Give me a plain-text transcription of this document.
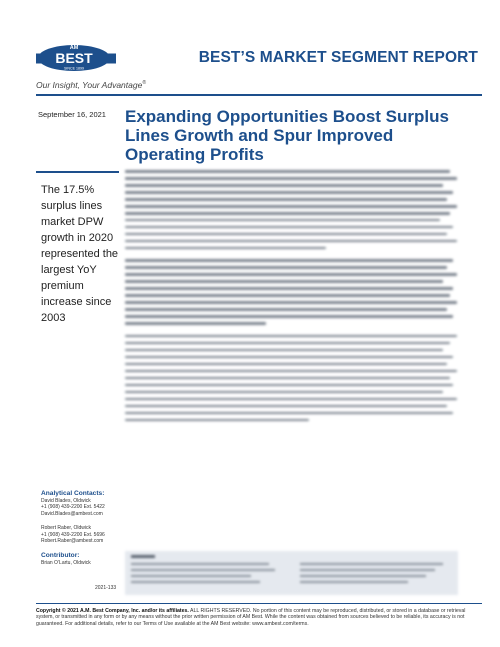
AM
BEST
SINCE 1899
BEST’S MARKET SEGMENT REPORT
Our Insight, Your Advantage®
September 16, 2021 Expanding Opportunities Boost Surplus Lines Growth and Spur Improved Operating Profits
The 17.5% surplus lines market DPW growth in 2020 represented the largest YoY premium increase since 2003
Analytical Contacts:
David Blades, Oldwick
+1 (908) 439-2200 Ext. 5422
David.Blades@ambest.com
Robert Raber, Oldwick
+1 (908) 439-2200 Ext. 5696
Robert.Raber@ambest.com
Contributor:
Brian O’Lartu, Oldwick
2021-133
Copyright © 2021 A.M. Best Company, Inc. and/or its affiliates. ALL RIGHTS RESERVED. No portion of this content may be reproduced, distributed, or stored in a database or retrieval system, or transmitted in any form or by any means without the prior written permission of AM Best. While the content was obtained from sources believed to be reliable, its accuracy is not guaranteed. For additional details, refer to our Terms of Use available at the AM Best website: www.ambest.com/terms.
